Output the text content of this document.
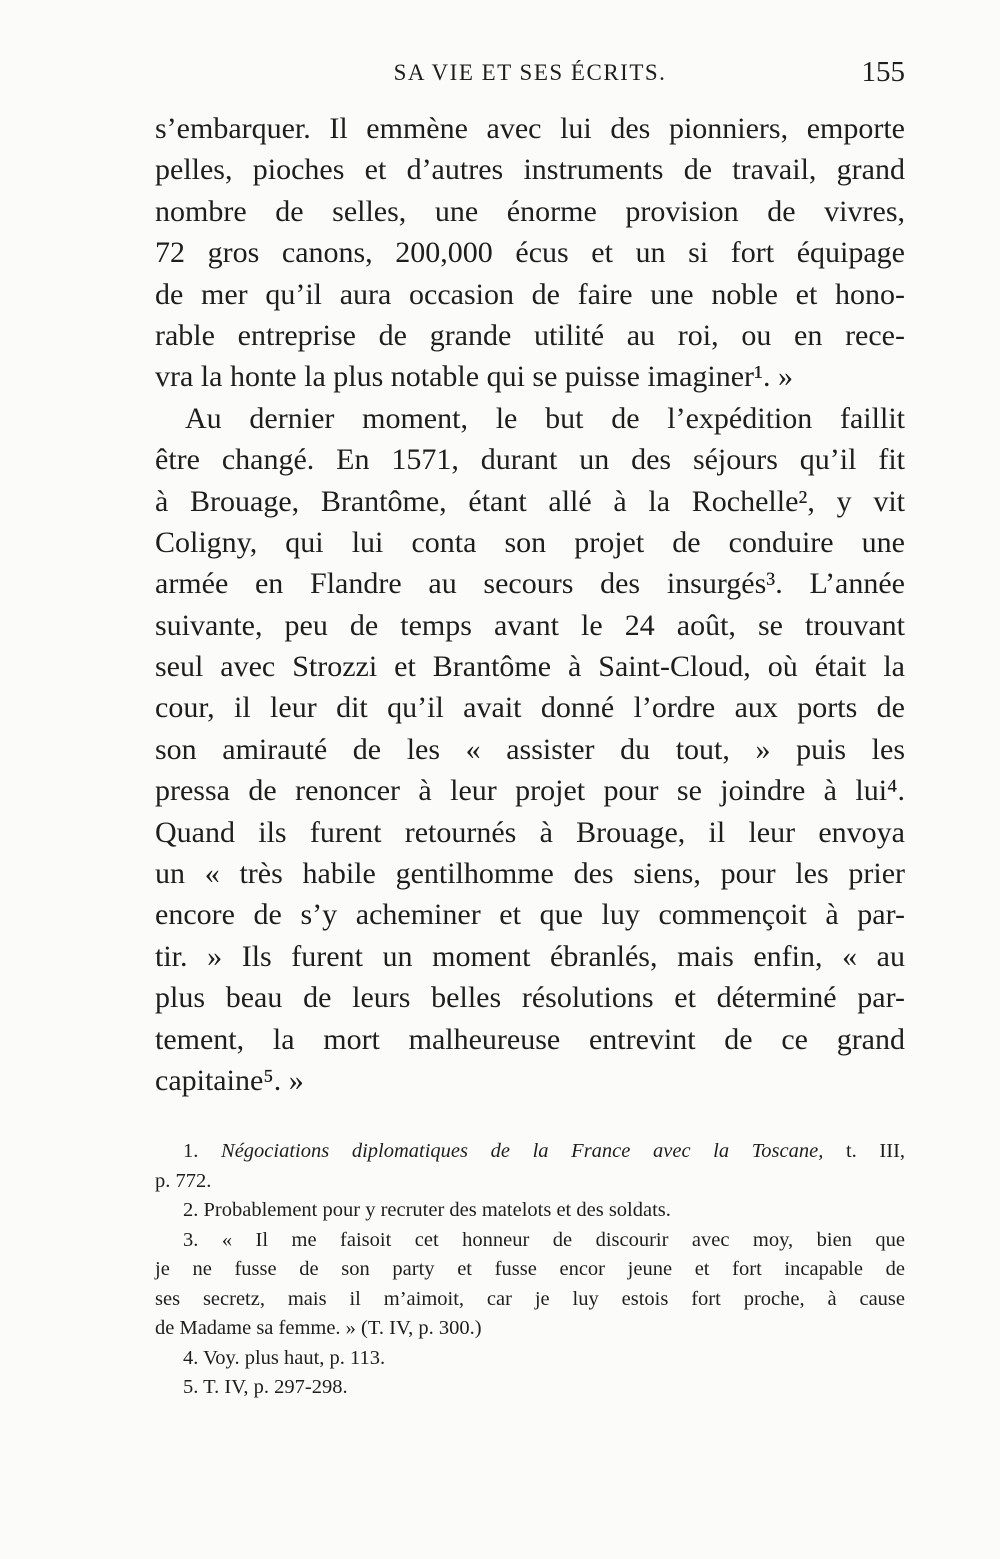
SA VIE ET SES ÉCRITS.	155
s’embarquer. Il emmène avec lui des pionniers, emporte
pelles, pioches et d’autres instruments de travail, grand
nombre de selles, une énorme provision de vivres,
72 gros canons, 200,000 écus et un si fort équipage
de mer qu’il aura occasion de faire une noble et hono-
rable entreprise de grande utilité au roi, ou en rece-
vra la honte la plus notable qui se puisse imaginer¹. »
Au dernier moment, le but de l’expédition faillit
être changé. En 1571, durant un des séjours qu’il fit
à Brouage, Brantôme, étant allé à la Rochelle², y vit
Coligny, qui lui conta son projet de conduire une
armée en Flandre au secours des insurgés³. L’année
suivante, peu de temps avant le 24 août, se trouvant
seul avec Strozzi et Brantôme à Saint-Cloud, où était la
cour, il leur dit qu’il avait donné l’ordre aux ports de
son amirauté de les « assister du tout, » puis les
pressa de renoncer à leur projet pour se joindre à lui⁴.
Quand ils furent retournés à Brouage, il leur envoya
un « très habile gentilhomme des siens, pour les prier
encore de s’y acheminer et que luy commençoit à par-
tir. » Ils furent un moment ébranlés, mais enfin, « au
plus beau de leurs belles résolutions et déterminé par-
tement, la mort malheureuse entrevint de ce grand
capitaine⁵. »
1. Négociations diplomatiques de la France avec la Toscane, t. III,
p. 772.
2. Probablement pour y recruter des matelots et des soldats.
3. « Il me faisoit cet honneur de discourir avec moy, bien que
je ne fusse de son party et fusse encor jeune et fort incapable de
ses secretz, mais il m’aimoit, car je luy estois fort proche, à cause
de Madame sa femme. » (T. IV, p. 300.)
4. Voy. plus haut, p. 113.
5. T. IV, p. 297-298.
